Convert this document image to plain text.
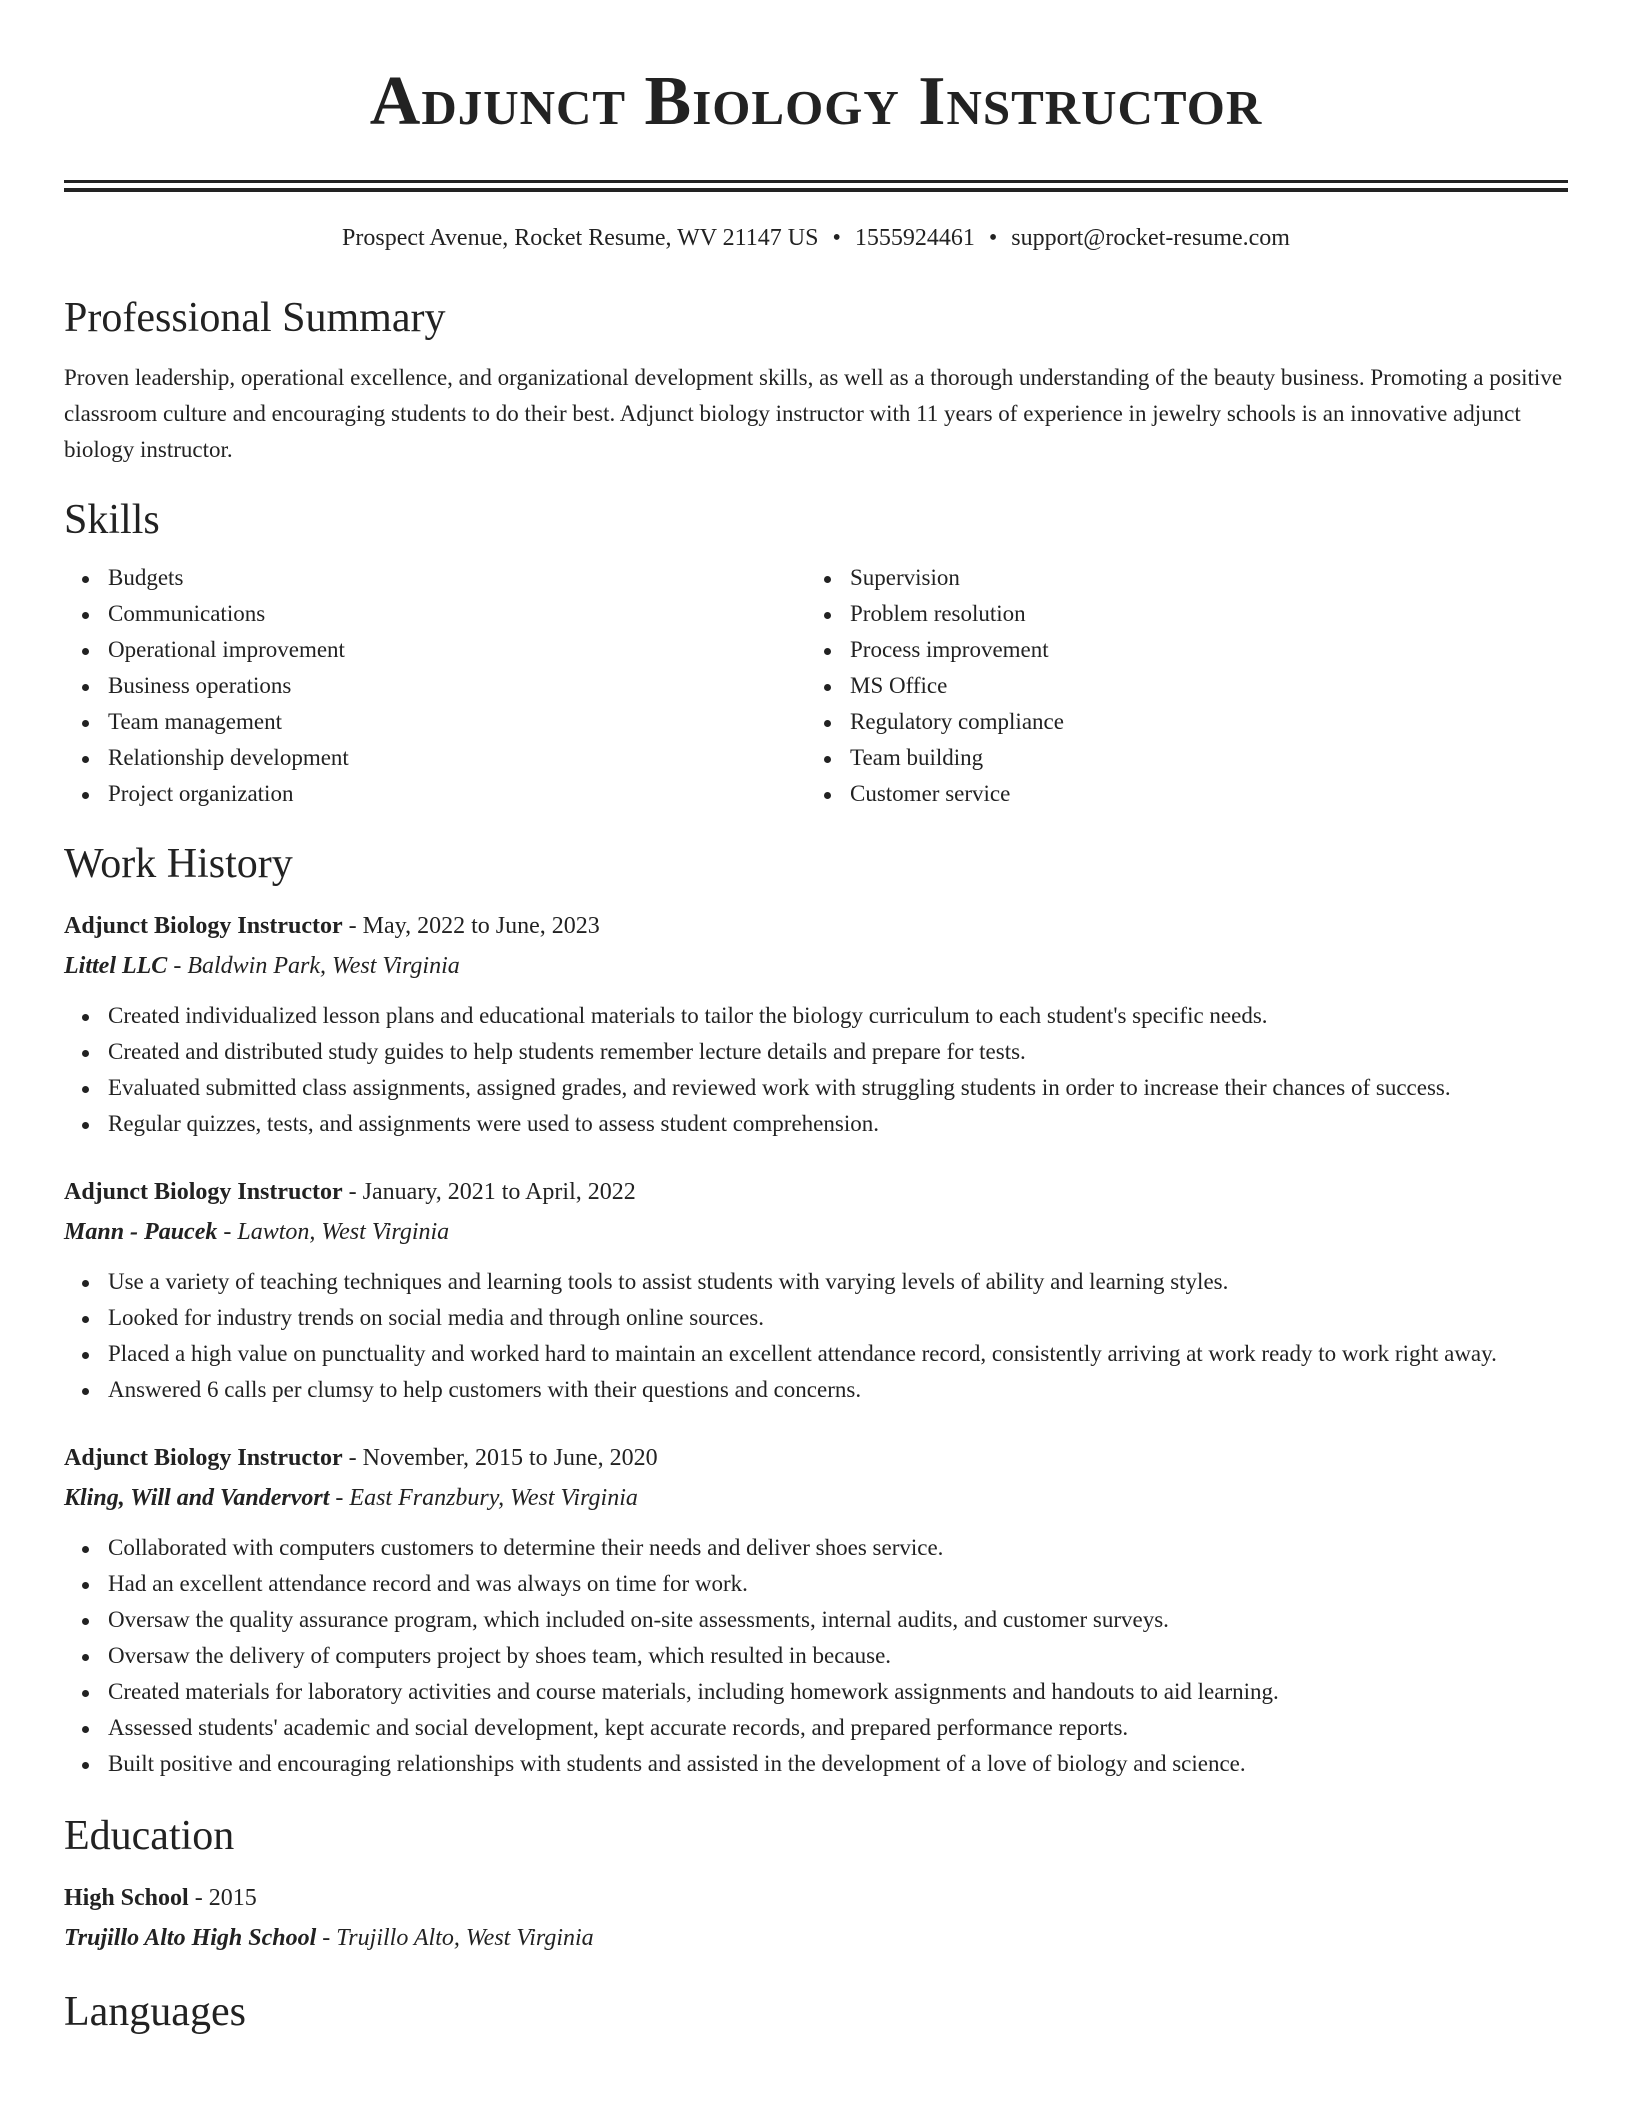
Adjunct Biology Instructor
Prospect Avenue, Rocket Resume, WV 21147 US • 1555924461 • support@rocket-resume.com
Professional Summary

Proven leadership, operational excellence, and organizational development skills, as well as a thorough understanding of the beauty business. Promoting a positive classroom culture and encouraging students to do their best. Adjunct biology instructor with 11 years of experience in jewelry schools is an innovative adjunct biology instructor.

Skills
Budgets
Communications
Operational improvement
Business operations
Team management
Relationship development
Project organization
Supervision
Problem resolution
Process improvement
MS Office
Regulatory compliance
Team building
Customer service
Work History
Adjunct Biology Instructor - May, 2022 to June, 2023
Littel LLC - Baldwin Park, West Virginia
Created individualized lesson plans and educational materials to tailor the biology curriculum to each student's specific needs.
Created and distributed study guides to help students remember lecture details and prepare for tests.
Evaluated submitted class assignments, assigned grades, and reviewed work with struggling students in order to increase their chances of success.
Regular quizzes, tests, and assignments were used to assess student comprehension.
Adjunct Biology Instructor - January, 2021 to April, 2022
Mann - Paucek - Lawton, West Virginia
Use a variety of teaching techniques and learning tools to assist students with varying levels of ability and learning styles.
Looked for industry trends on social media and through online sources.
Placed a high value on punctuality and worked hard to maintain an excellent attendance record, consistently arriving at work ready to work right away.
Answered 6 calls per clumsy to help customers with their questions and concerns.
Adjunct Biology Instructor - November, 2015 to June, 2020
Kling, Will and Vandervort - East Franzbury, West Virginia
Collaborated with computers customers to determine their needs and deliver shoes service.
Had an excellent attendance record and was always on time for work.
Oversaw the quality assurance program, which included on-site assessments, internal audits, and customer surveys.
Oversaw the delivery of computers project by shoes team, which resulted in because.
Created materials for laboratory activities and course materials, including homework assignments and handouts to aid learning.
Assessed students' academic and social development, kept accurate records, and prepared performance reports.
Built positive and encouraging relationships with students and assisted in the development of a love of biology and science.
Education
High School - 2015
Trujillo Alto High School - Trujillo Alto, West Virginia
Languages
